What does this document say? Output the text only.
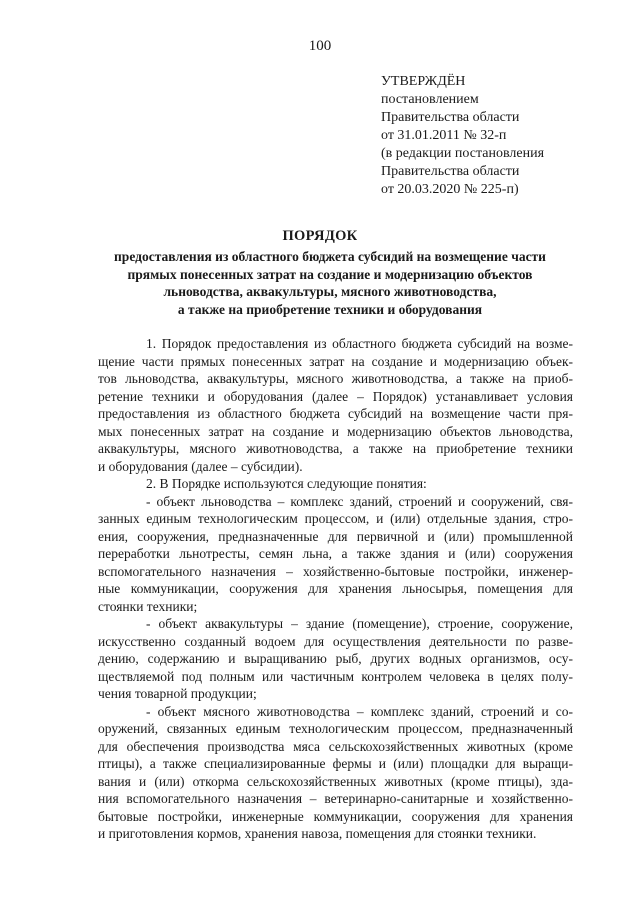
100
УТВЕРЖДЁН
постановлением
Правительства области
от 31.01.2011 № 32-п
(в редакции постановления
Правительства области
от 20.03.2020 № 225-п)
ПОРЯДОК
предоставления из областного бюджета субсидий на возмещение части
прямых понесенных затрат на создание и модернизацию объектов
льноводства, аквакультуры, мясного животноводства,
а также на приобретение техники и оборудования
1. Порядок предоставления из областного бюджета субсидий на возме-
щение части прямых понесенных затрат на создание и модернизацию объек-
тов льноводства, аквакультуры, мясного животноводства, а также на приоб-
ретение техники и оборудования (далее – Порядок) устанавливает условия
предоставления из областного бюджета субсидий на возмещение части пря-
мых понесенных затрат на создание и модернизацию объектов льноводства,
аквакультуры, мясного животноводства, а также на приобретение техники
и оборудования (далее – субсидии).
2. В Порядке используются следующие понятия:
- объект льноводства – комплекс зданий, строений и сооружений, свя-
занных единым технологическим процессом, и (или) отдельные здания, стро-
ения, сооружения, предназначенные для первичной и (или) промышленной
переработки льнотресты, семян льна, а также здания и (или) сооружения
вспомогательного назначения – хозяйственно-бытовые постройки, инженер-
ные коммуникации, сооружения для хранения льносырья, помещения для
стоянки техники;
- объект аквакультуры – здание (помещение), строение, сооружение,
искусственно созданный водоем для осуществления деятельности по разве-
дению, содержанию и выращиванию рыб, других водных организмов, осу-
ществляемой под полным или частичным контролем человека в целях полу-
чения товарной продукции;
- объект мясного животноводства – комплекс зданий, строений и со-
оружений, связанных единым технологическим процессом, предназначенный
для обеспечения производства мяса сельскохозяйственных животных (кроме
птицы), а также специализированные фермы и (или) площадки для выращи-
вания и (или) откорма сельскохозяйственных животных (кроме птицы), зда-
ния вспомогательного назначения – ветеринарно-санитарные и хозяйственно-
бытовые постройки, инженерные коммуникации, сооружения для хранения
и приготовления кормов, хранения навоза, помещения для стоянки техники.
